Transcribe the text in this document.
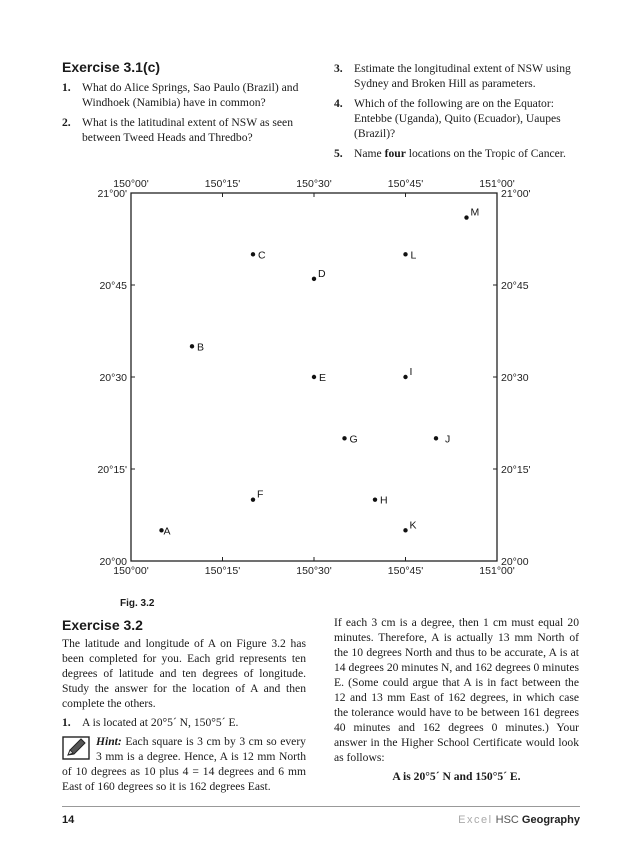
Exercise 3.1(c)
1. What do Alice Springs, Sao Paulo (Brazil) and Windhoek (Namibia) have in common?
2. What is the latitudinal extent of NSW as seen between Tweed Heads and Thredbo?
3. Estimate the longitudinal extent of NSW using Sydney and Broken Hill as parameters.
4. Which of the following are on the Equator: Entebbe (Uganda), Quito (Ecuador), Uaupes (Brazil)?
5. Name four locations on the Tropic of Cancer.
150°00'	150°15'	150°30'	150°45'	151°00'
150°00'	150°15'	150°30'	150°45'	151°00'
21°00'
20°45
20°30
20°15'
20°00
21°00'
20°45
20°30
20°15'
20°00
A
B
C
D
E
F
G
H
I
J
K
L
M
Fig. 3.2
Exercise 3.2

The latitude and longitude of A on Figure 3.2 has been completed for you. Each grid represents ten degrees of latitude and ten degrees of longitude. Study the answer for the location of A and then complete the others.

1. A is located at 20°5´ N, 150°5´ E.

Hint: Each square is 3 cm by 3 cm so every 3 mm is a degree. Hence, A is 12 mm North of 10 degrees as 10 plus 4 = 14 degrees and 6 mm East of 160 degrees so it is 162 degrees East.

If each 3 cm is a degree, then 1 cm must equal 20 minutes. Therefore, A is actually 13 mm North of the 10 degrees North and thus to be accurate, A is at 14 degrees 20 minutes N, and 162 degrees 0 minutes E. (Some could argue that A is in fact between the 12 and 13 mm East of 162 degrees, in which case the tolerance would have to be between 161 degrees 40 minutes and 162 degrees 0 minutes.) Your answer in the Higher School Certificate would look as follows:

A is 20°5´ N and 150°5´ E.

14	Excel HSC Geography
